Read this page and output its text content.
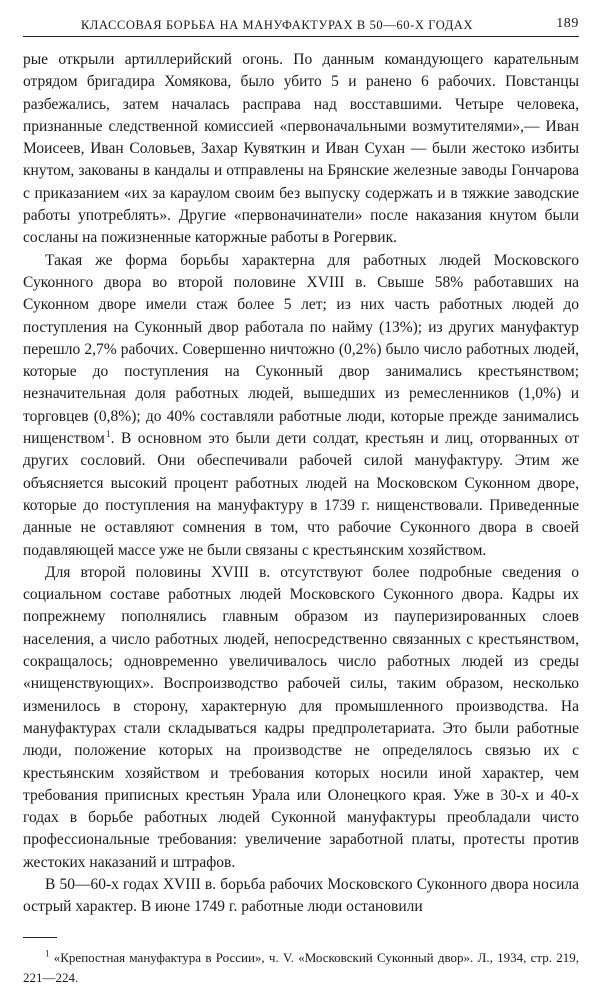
КЛАССОВАЯ БОРЬБА НА МАНУФАКТУРАХ В 50—60-Х ГОДАХ	189

рые открыли артиллерийский огонь. По данным командующего карательным отрядом бригадира Хомякова, было убито 5 и ранено 6 рабочих. Повстанцы разбежались, затем началась расправа над восставшими. Четыре человека, признанные следственной комиссией «первоначальными возмутителями»,— Иван Моисеев, Иван Соловьев, Захар Кувяткин и Иван Сухан — были жестоко избиты кнутом, закованы в кандалы и отправлены на Брянские железные заводы Гончарова с приказанием «их за караулом своим без выпуску содержать и в тяжкие заводские работы употреблять». Другие «первоначинатели» после наказания кнутом были сосланы на пожизненные каторжные работы в Рогервик.

Такая же форма борьбы характерна для работных людей Московского Суконного двора во второй половине XVIII в. Свыше 58% работавших на Суконном дворе имели стаж более 5 лет; из них часть работных людей до поступления на Суконный двор работала по найму (13%); из других мануфактур перешло 2,7% рабочих. Совершенно ничтожно (0,2%) было число работных людей, которые до поступления на Суконный двор занимались крестьянством; незначительная доля работных людей, вышедших из ремесленников (1,0%) и торговцев (0,8%); до 40% составляли работные люди, которые прежде занимались нищенством $^1$. В основном это были дети солдат, крестьян и лиц, оторванных от других сословий. Они обеспечивали рабочей силой мануфактуру. Этим же объясняется высокий процент работных людей на Московском Суконном дворе, которые до поступления на мануфактуру в 1739 г. нищенствовали. Приведенные данные не оставляют сомнения в том, что рабочие Суконного двора в своей подавляющей массе уже не были связаны с крестьянским хозяйством.

Для второй половины XVIII в. отсутствуют более подробные сведения о социальном составе работных людей Московского Суконного двора. Кадры их попрежнему пополнялись главным образом из пауперизированных слоев населения, а число работных людей, непосредственно связанных с крестьянством, сокращалось; одновременно увеличивалось число работных людей из среды «нищенствующих». Воспроизводство рабочей силы, таким образом, несколько изменилось в сторону, характерную для промышленного производства. На мануфактурах стали складываться кадры предпролетариата. Это были работные люди, положение которых на производстве не определялось связью их с крестьянским хозяйством и требования которых носили иной характер, чем требования приписных крестьян Урала или Олонецкого края. Уже в 30-х и 40-х годах в борьбе работных людей Суконной мануфактуры преобладали чисто профессиональные требования: увеличение заработной платы, протесты против жестоких наказаний и штрафов.

В 50—60-х годах XVIII в. борьба рабочих Московского Суконного двора носила острый характер. В июне 1749 г. работные люди остановили

$^1$ «Крепостная мануфактура в России», ч. V. «Московский Суконный двор». Л., 1934, стр. 219, 221—224.
